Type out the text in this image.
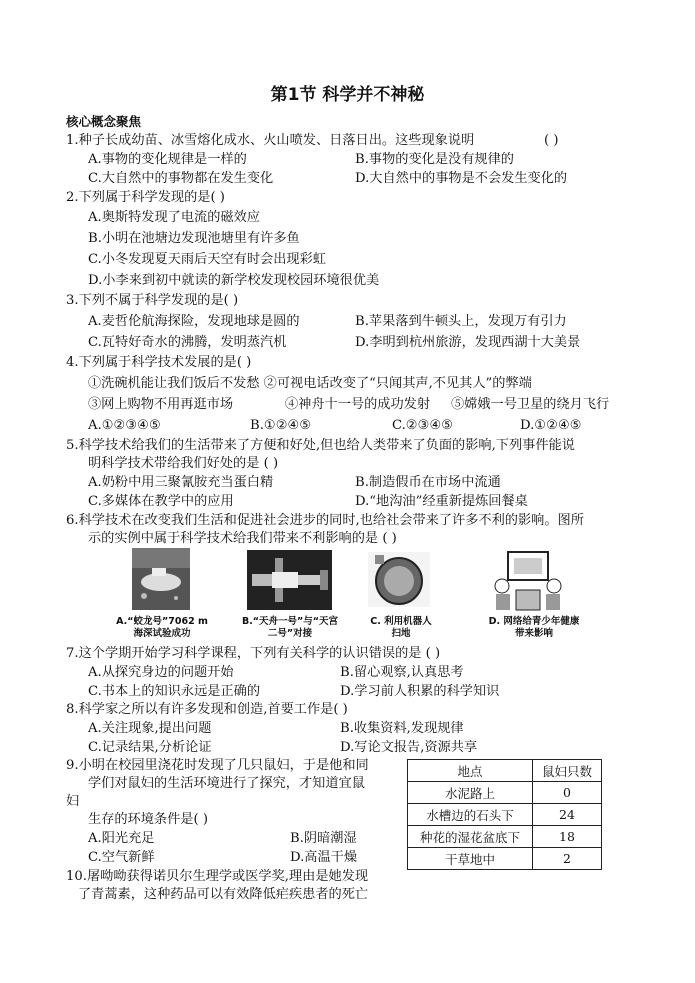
第1节 科学并不神秘
核心概念聚焦
1.种子长成幼苗、冰雪熔化成水、火山喷发、日落日出。这些现象说明	( )
A.事物的变化规律是一样的	B.事物的变化是没有规律的
C.大自然中的事物都在发生变化	D.大自然中的事物是不会发生变化的
2.下列属于科学发现的是( )
A.奥斯特发现了电流的磁效应
B.小明在池塘边发现池塘里有许多鱼
C.小冬发现夏天雨后天空有时会出现彩虹
D.小李来到初中就读的新学校发现校园环境很优美
3.下列不属于科学发现的是( )
A.麦哲伦航海探险，发现地球是圆的	B.苹果落到牛顿头上，发现万有引力
C.瓦特好奇水的沸腾，发明蒸汽机	D.李明到杭州旅游，发现西湖十大美景
4.下列属于科学技术发展的是( )
①洗碗机能让我们饭后不发愁 ②可视电话改变了“只闻其声,不见其人”的弊端
③网上购物不用再逛市场	④神舟十一号的成功发射 ⑤嫦娥一号卫星的绕月飞行
A.①②③④⑤	B.①②④⑤	C.②③④⑤	D.①②④⑤
5.科学技术给我们的生活带来了方便和好处,但也给人类带来了负面的影响,下列事件能说
明科学技术带给我们好处的是 ( )
A.奶粉中用三聚氰胺充当蛋白精	B.制造假币在市场中流通
C.多媒体在教学中的应用	D.“地沟油”经重新提炼回餐桌
6.科学技术在改变我们生活和促进社会进步的同时,也给社会带来了许多不利的影响。图所
示的实例中属于科学技术给我们带来不利影响的是 ( )
A.“蛟龙号”7062 m
海深试验成功
B.“天舟一号”与“天宫
二号”对接
C. 利用机器人
扫地
D. 网络给青少年健康
带来影响
7.这个学期开始学习科学课程，下列有关科学的认识错误的是 ( )
A.从探究身边的问题开始	B.留心观察,认真思考
C.书本上的知识永远是正确的	D.学习前人积累的科学知识
8.科学家之所以有许多发现和创造,首要工作是( )
A.关注现象,提出问题	B.收集资料,发现规律
C.记录结果,分析论证	D.写论文报告,资源共享
9.小明在校园里浇花时发现了几只鼠妇，于是他和同
学们对鼠妇的生活环境进行了探究，才知道宜鼠
妇
生存的环境条件是( )
A.阳光充足	B.阴暗潮湿
C.空气新鲜	D.高温干燥
地点	鼠妇只数
水泥路上	0
水槽边的石头下	24
种花的湿花盆底下	18
干草地中	2
10.屠呦呦获得诺贝尔生理学或医学奖,理由是她发现
了青蒿素，这种药品可以有效降低疟疾患者的死亡
